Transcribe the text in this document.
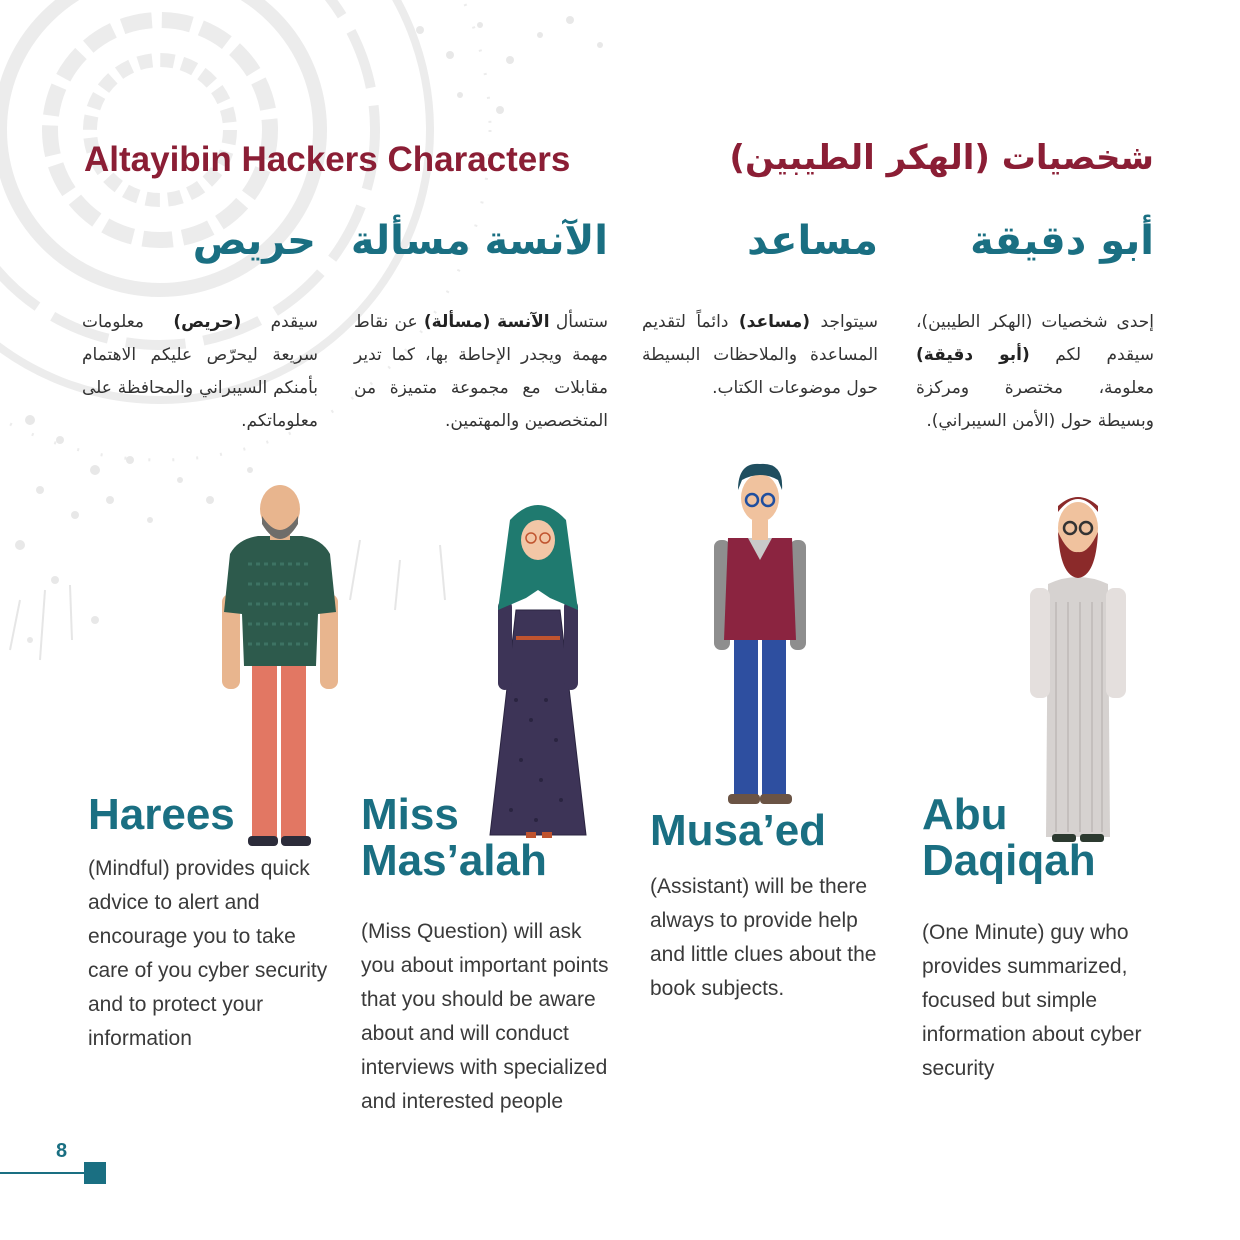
Altayibin Hackers Characters	شخصيات (الهكر الطيبين)
حريص الآنسة مسألة	مساعد	أبو دقيقة

سيقدم (حريص) معلومات سريعة ليحرّص عليكم الاهتمام بأمنكم السيبراني والمحافظة على معلوماتكم.

ستسأل الآنسة (مسألة) عن نقاط مهمة ويجدر الإحاطة بها، كما تدير مقابلات مع مجموعة متميزة من المتخصصين والمهتمين.

سيتواجد (مساعد) دائماً لتقديم المساعدة والملاحظات البسيطة حول موضوعات الكتاب.

إحدى شخصيات (الهكر الطيبين)، سيقدم لكم (أبو دقيقة) معلومة، مختصرة ومركزة وبسيطة حول (الأمن السيبراني).

Harees	Miss Mas’alah
Musa’ed	Abu Daqiqah

(Mindful) provides quick advice to alert and encourage you to take care of you cyber security and to protect your information

(Miss Question) will ask you about important points that you should be aware about and will conduct interviews with specialized and interested people

(Assistant) will be there always to provide help and little clues about the book subjects.

(One Minute) guy who provides summarized, focused but simple information about cyber security

8
